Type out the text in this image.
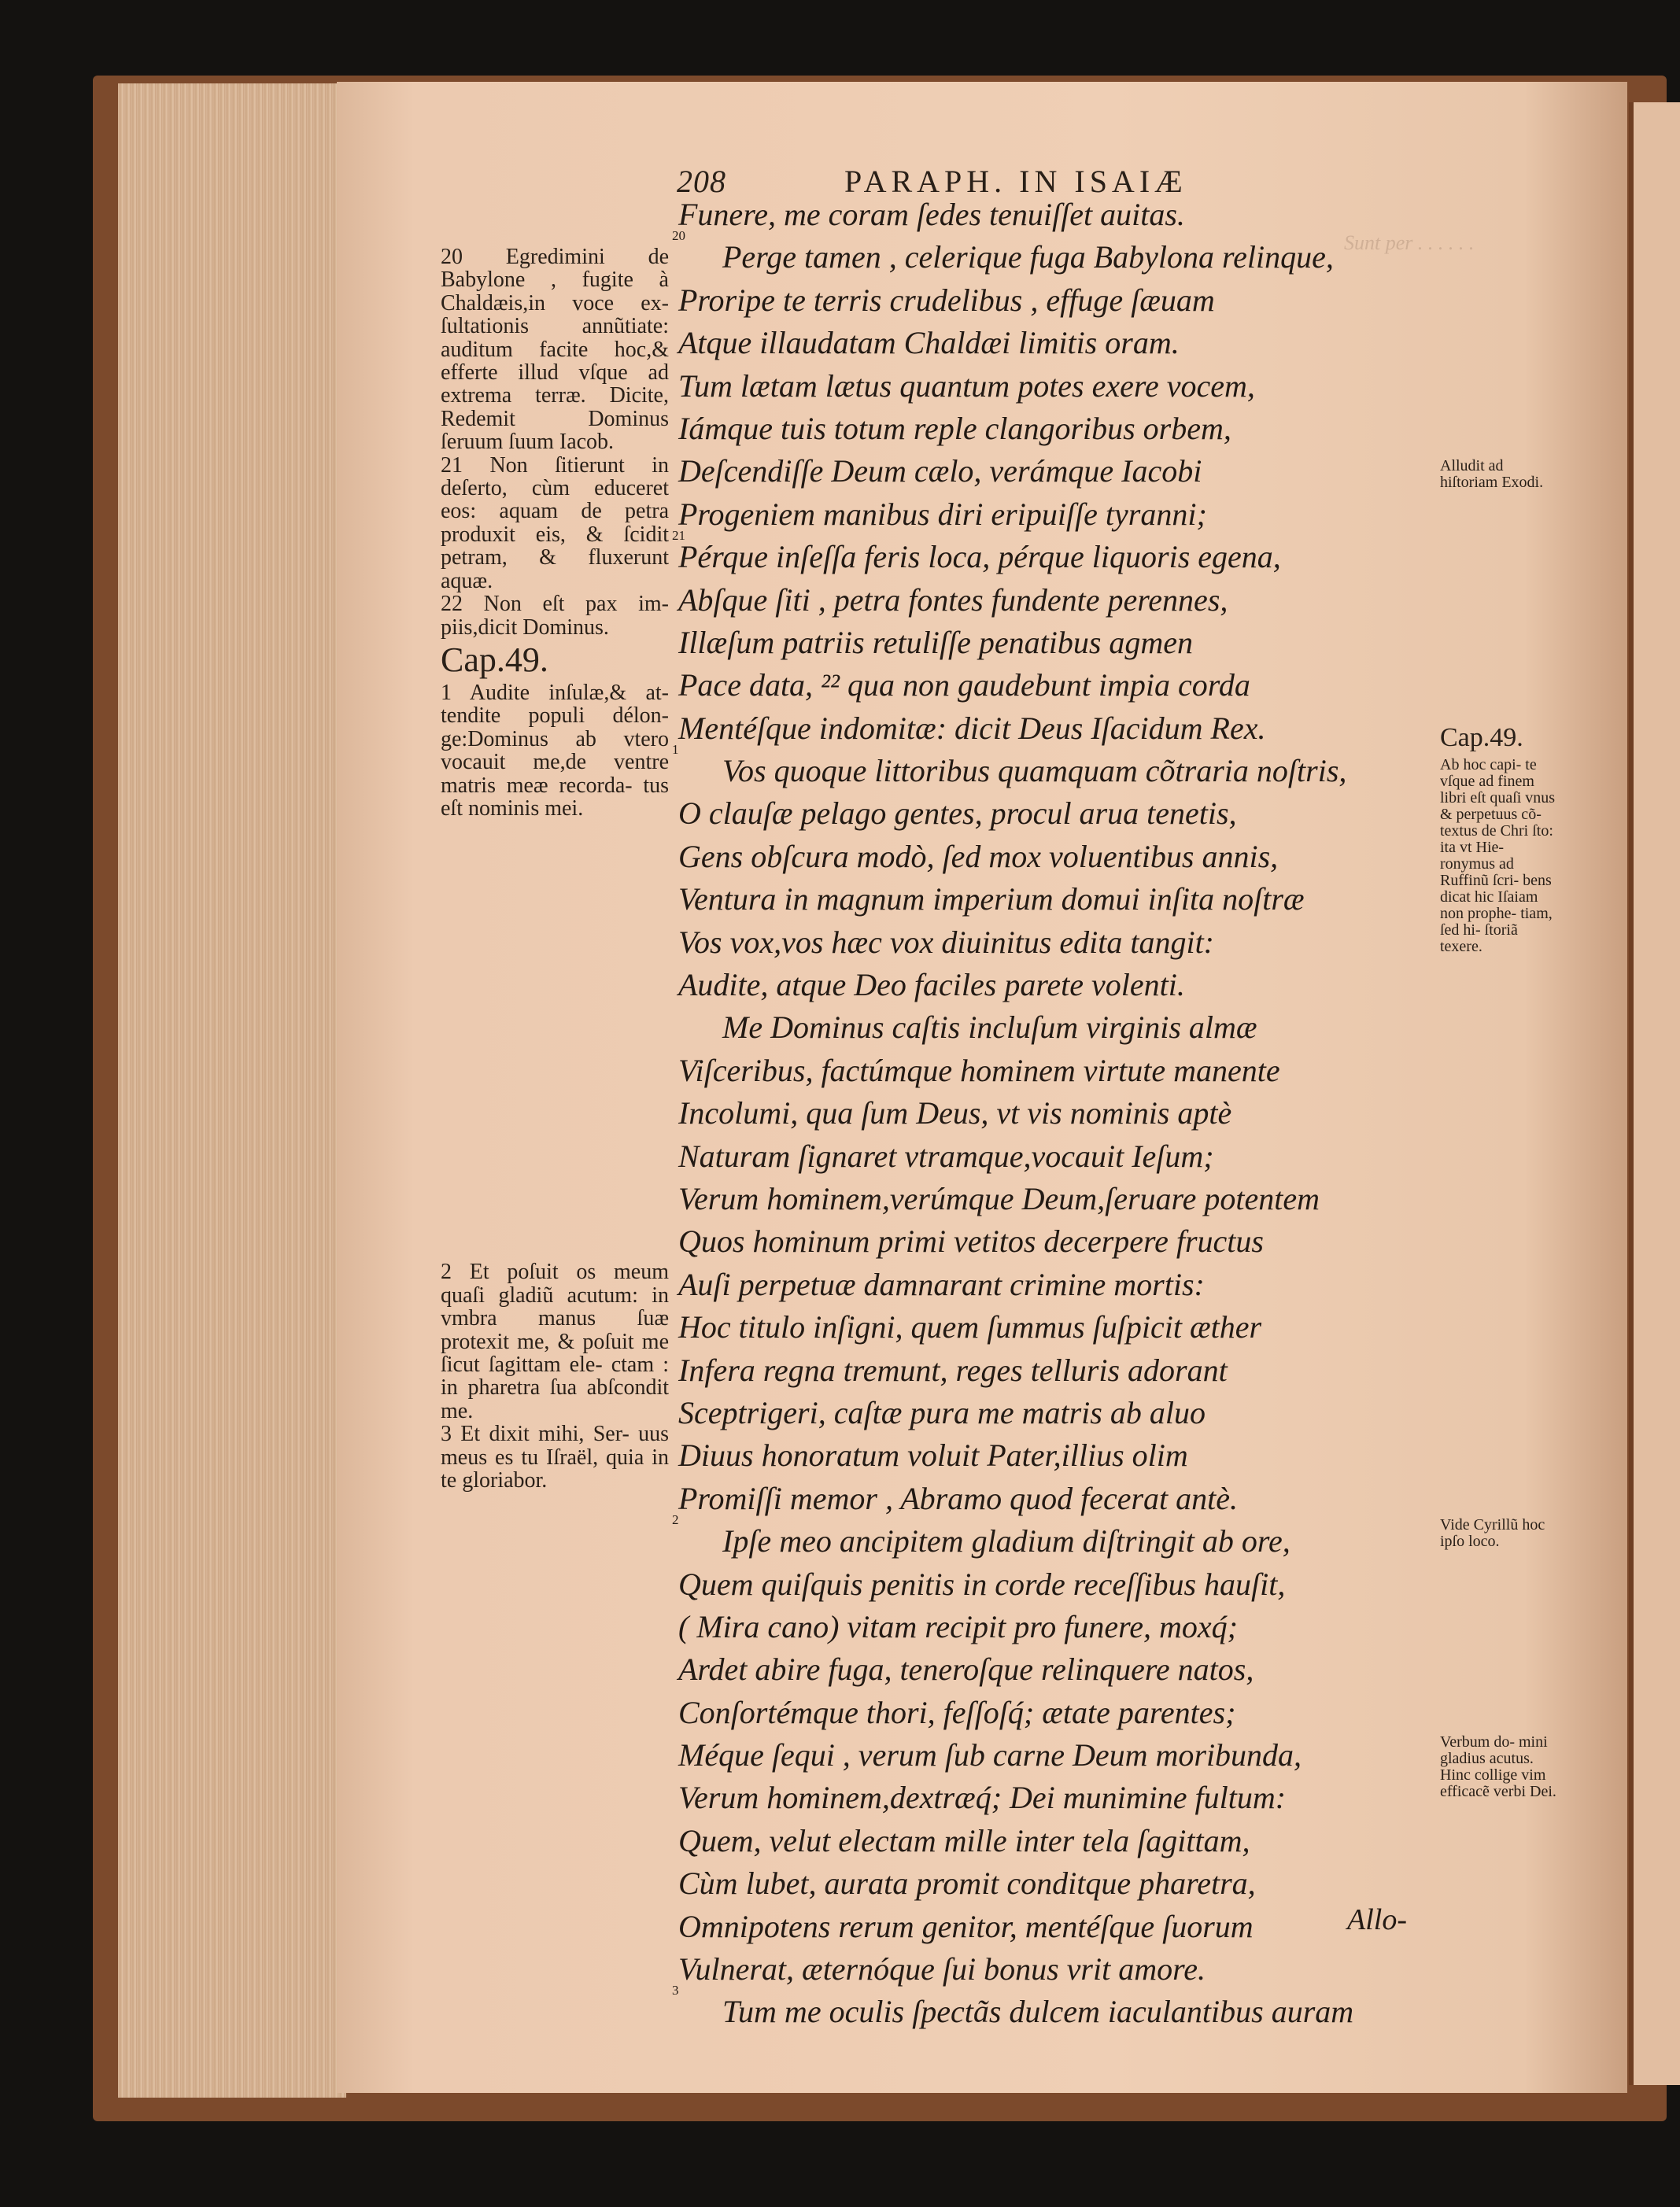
Sunt per . . . . . .
208	PARAPH. IN ISAIÆ

20 Egredimini de Babylone , fugite à Chaldæis,in voce ex- ſultationis annũtiate: auditum facite hoc,& efferte illud vſque ad extrema terræ. Dicite, Redemit Dominus ſeruum ſuum Iacob.

21 Non ſitierunt in deſerto, cùm educeret eos: aquam de petra produxit eis, & ſcidit petram, & fluxerunt aquæ.

22 Non eſt pax im- piis,dicit Dominus.

Cap.49.

1 Audite inſulæ,& at- tendite populi délon- ge:Dominus ab vtero vocauit me,de ventre matris meæ recorda- tus eſt nominis mei.

2 Et poſuit os meum quaſi gladiũ acutum: in vmbra manus ſuæ protexit me, & poſuit me ſicut ſagittam ele- ctam : in pharetra ſua abſcondit me.

3 Et dixit mihi, Ser- uus meus es tu Iſraël, quia in te gloriabor.

Funere, me coram ſedes tenuiſſet auitas.
20
Perge tamen , celerique fuga Babylona relinque,
Proripe te terris crudelibus , effuge ſæuam
Atque illaudatam Chaldæi limitis oram.
Tum lætam lætus quantum potes exere vocem,
Iámque tuis totum reple clangoribus orbem,
Deſcendiſſe Deum cælo, verámque Iacobi
Progeniem manibus diri eripuiſſe tyranni;
21
Pérque inſeſſa feris loca, pérque liquoris egena,
Abſque ſiti , petra fontes fundente perennes,
Illæſum patriis retuliſſe penatibus agmen
Pace data, ²² qua non gaudebunt impia corda
Mentéſque indomitæ: dicit Deus Iſacidum Rex.
1
Vos quoque littoribus quamquam cõtraria noſtris,
O clauſæ pelago gentes, procul arua tenetis,
Gens obſcura modò, ſed mox voluentibus annis,
Ventura in magnum imperium domui inſita noſtræ
Vos vox,vos hæc vox diuinitus edita tangit:
Audite, atque Deo faciles parete volenti.
Me Dominus caſtis incluſum virginis almæ
Viſceribus, factúmque hominem virtute manente
Incolumi, qua ſum Deus, vt vis nominis aptè
Naturam ſignaret vtramque,vocauit Ieſum;
Verum hominem,verúmque Deum,ſeruare potentem
Quos hominum primi vetitos decerpere fructus
Auſi perpetuæ damnarant crimine mortis:
Hoc titulo inſigni, quem ſummus ſuſpicit æther
Infera regna tremunt, reges telluris adorant
Sceptrigeri, caſtæ pura me matris ab aluo
Diuus honoratum voluit Pater,illius olim
Promiſſi memor , Abramo quod fecerat antè.
2
Ipſe meo ancipitem gladium diſtringit ab ore,
Quem quiſquis penitis in corde receſſibus hauſit,
( Mira cano) vitam recipit pro funere, moxq́;
Ardet abire fuga, teneroſque relinquere natos,
Conſortémque thori, feſſoſq́; ætate parentes;
Méque ſequi , verum ſub carne Deum moribunda,
Verum hominem,dextræq́; Dei munimine fultum:
Quem, velut electam mille inter tela ſagittam,
Cùm lubet, aurata promit conditque pharetra,
Omnipotens rerum genitor, mentéſque ſuorum
Vulnerat, æternóque ſui bonus vrit amore.
3
Tum me oculis ſpectãs dulcem iaculantibus auram
Allo-
Alludit ad hiſtoriam Exodi.
Cap.49.
Ab hoc capi- te vſque ad finem libri eſt quaſi vnus & perpetuus cõ- textus de Chri ſto: ita vt Hie- ronymus ad Ruffinũ ſcri- bens dicat hic Iſaiam non prophe- tiam, ſed hi- ſtoriã texere.
Vide Cyrillũ hoc ipſo loco.
Verbum do- mini gladius acutus. Hinc collige vim efficacẽ verbi Dei.
